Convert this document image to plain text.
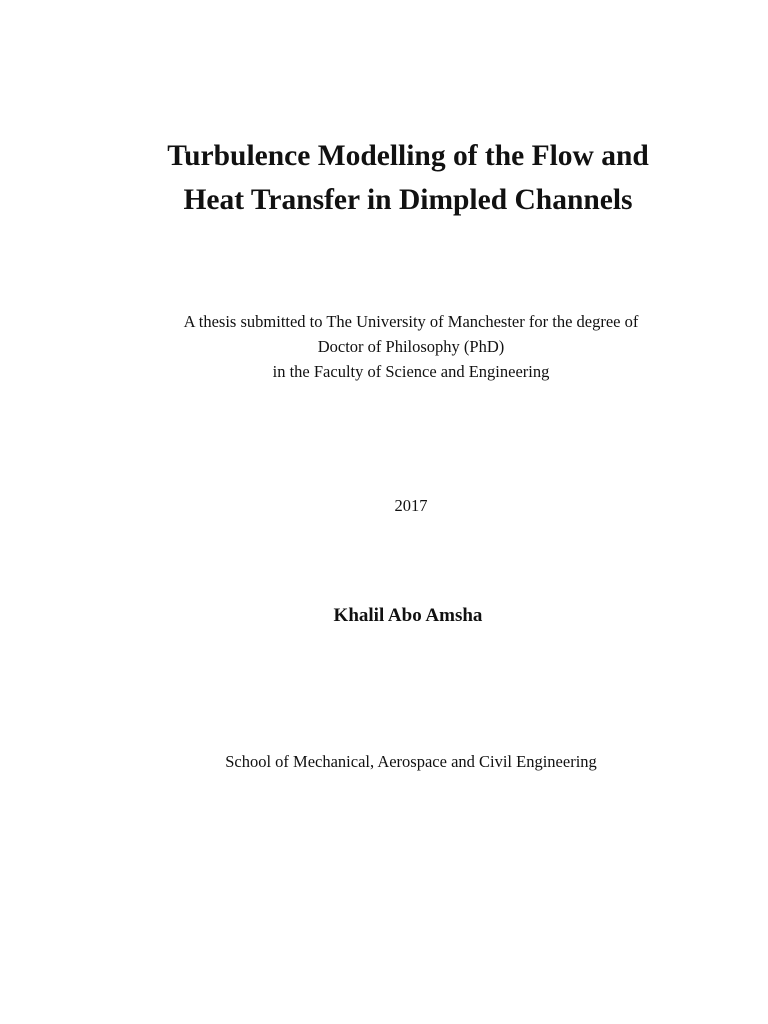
Turbulence Modelling of the Flow and
Heat Transfer in Dimpled Channels
A thesis submitted to The University of Manchester for the degree of
Doctor of Philosophy (PhD)
in the Faculty of Science and Engineering
2017
Khalil Abo Amsha
School of Mechanical, Aerospace and Civil Engineering
